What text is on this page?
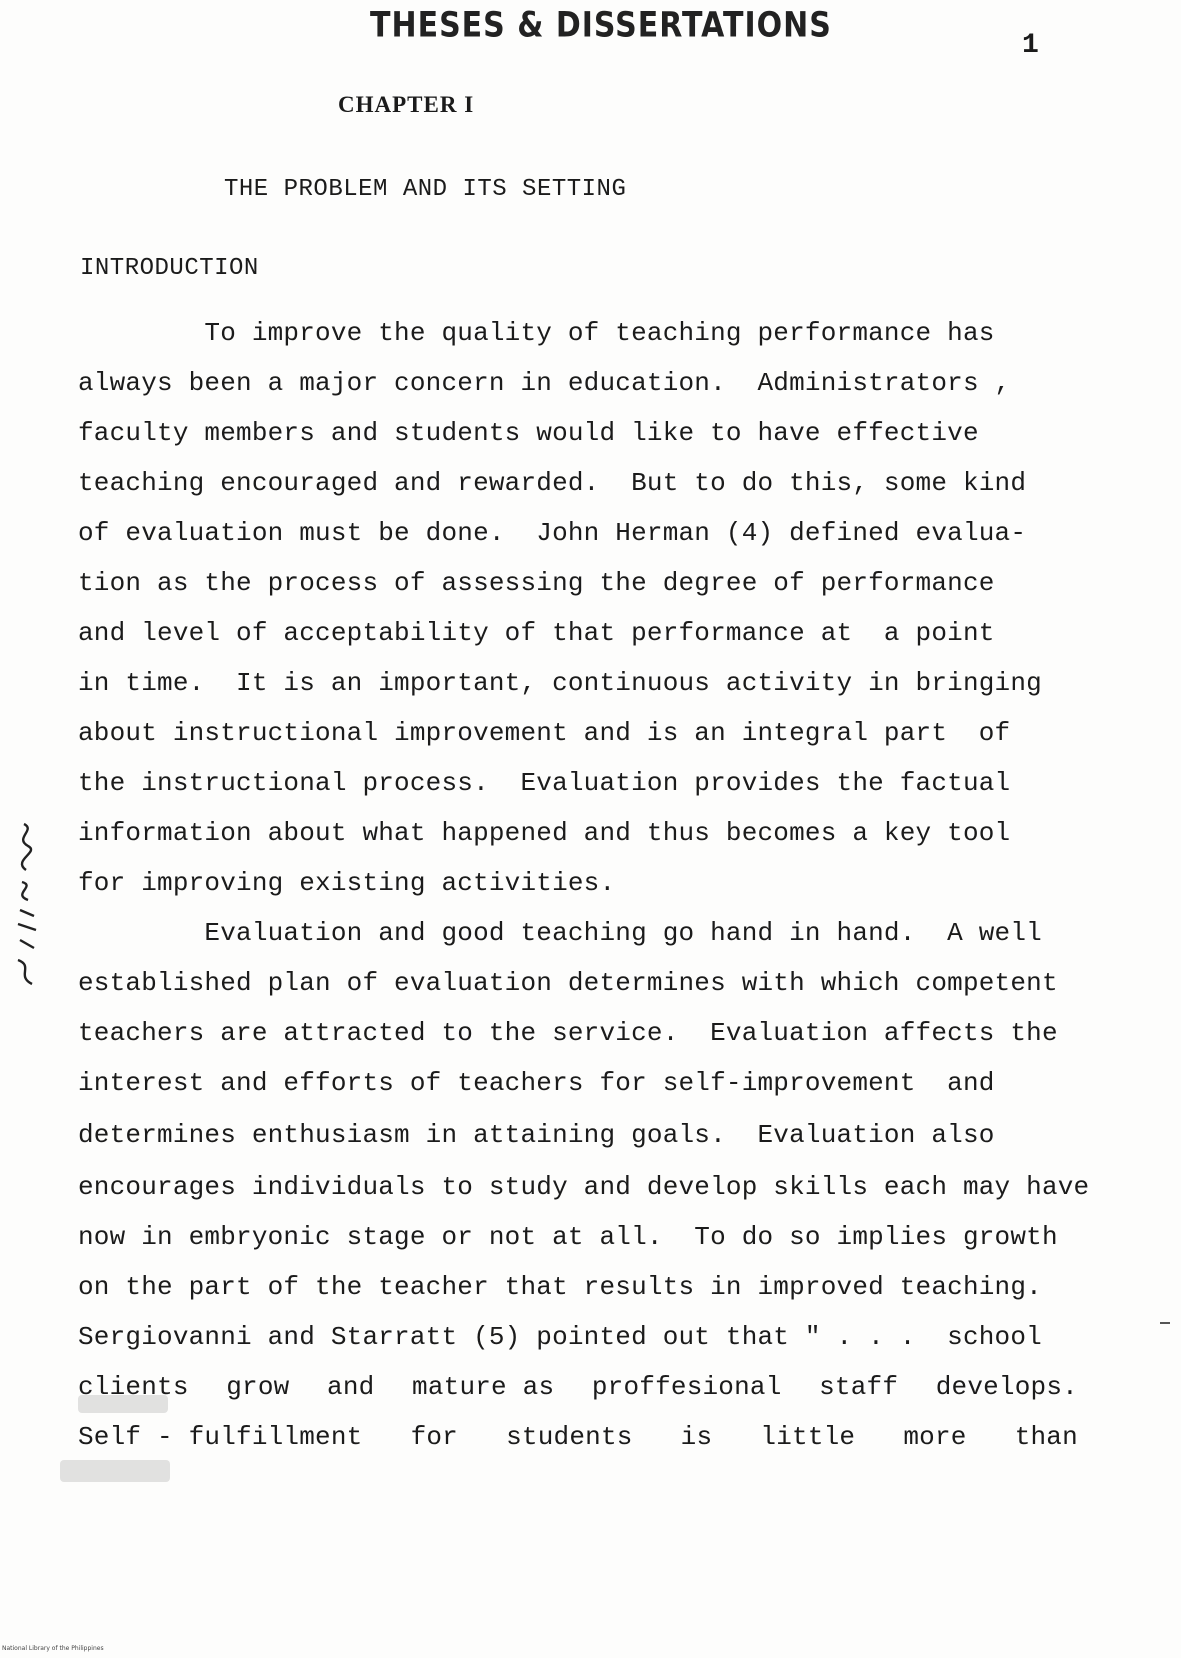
THESES & DISSERTATIONS	1
CHAPTER I
THE PROBLEM AND ITS SETTING
INTRODUCTION
To improve the quality of teaching performance has
always been a major concern in education.  Administrators ,
faculty members and students would like to have effective
teaching encouraged and rewarded.  But to do this, some kind
of evaluation must be done.  John Herman (4) defined evalua-
tion as the process of assessing the degree of performance
and level of acceptability of that performance at  a point
in time.  It is an important, continuous activity in bringing
about instructional improvement and is an integral part  of
the instructional process.  Evaluation provides the factual
information about what happened and thus becomes a key tool
for improving existing activities.
Evaluation and good teaching go hand in hand.  A well
established plan of evaluation determines with which competent
teachers are attracted to the service.  Evaluation affects the
interest and efforts of teachers for self-improvement  and
determines enthusiasm in attaining goals.  Evaluation also
encourages individuals to study and develop skills each may have
now in embryonic stage or not at all.  To do so implies growth
on the part of the teacher that results in improved teaching.
Sergiovanni and Starratt (5) pointed out that " . . .  school
clients grow and mature as proffesional staff develops.
Self - fulfillment for students is little more than
National Library of the Philippines
